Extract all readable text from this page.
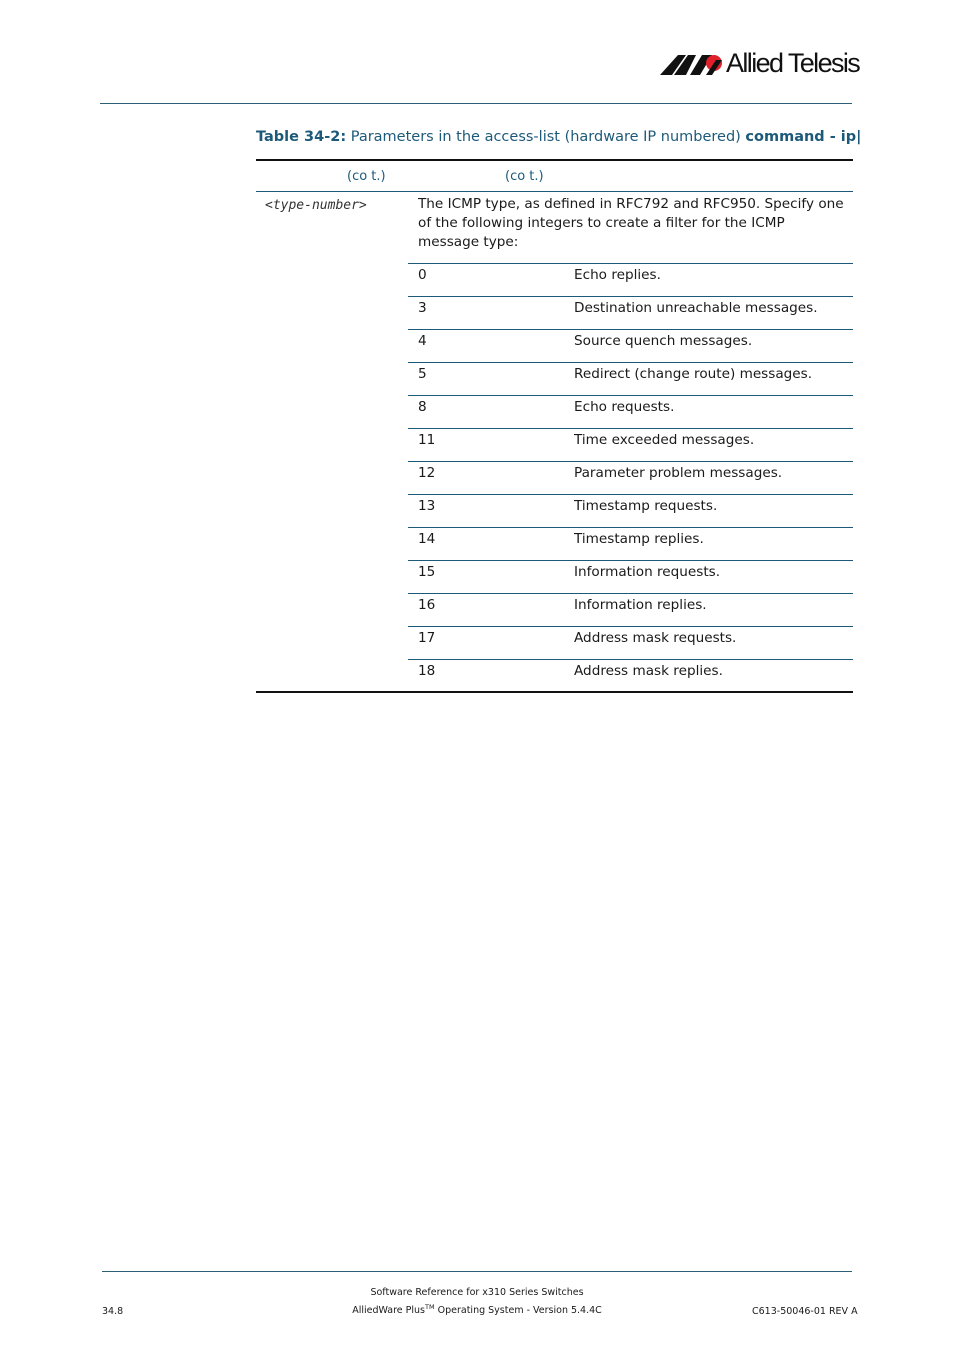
Allied Telesis
Table 34-2: Parameters in the access-list (hardware IP numbered) command - ip|
(co t.)	(co t.)
<type-number>	The ICMP type, as defined in RFC792 and RFC950. Specify one of the following integers to create a filter for the ICMP message type:
0	Echo replies.
3	Destination unreachable messages.
4	Source quench messages.
5	Redirect (change route) messages.
8	Echo requests.
11	Time exceeded messages.
12	Parameter problem messages.
13	Timestamp requests.
14	Timestamp replies.
15	Information requests.
16	Information replies.
17	Address mask requests.
18	Address mask replies.
Software Reference for x310 Series Switches
AlliedWare Plus™ Operating System - Version 5.4.4C
34.8	C613-50046-01 REV A
